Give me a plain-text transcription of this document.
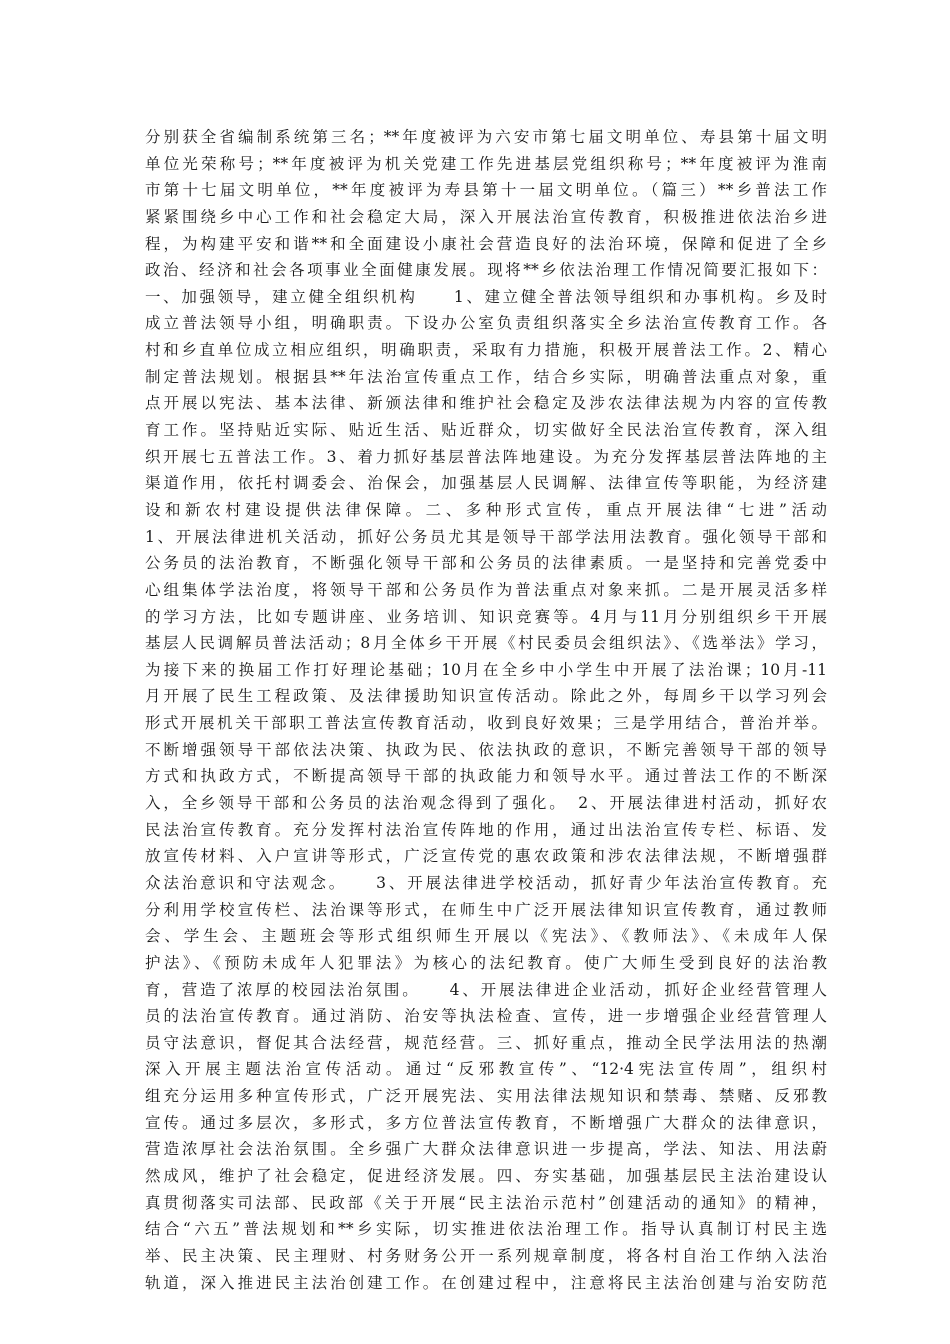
分别获全省编制系统第三名；**年度被评为六安市第七届文明单位、寿县第十届文明
单位光荣称号；**年度被评为机关党建工作先进基层党组织称号；**年度被评为淮南
市第十七届文明单位，**年度被评为寿县第十一届文明单位。（篇三）**乡普法工作
紧紧围绕乡中心工作和社会稳定大局，深入开展法治宣传教育，积极推进依法治乡进
程，为构建平安和谐**和全面建设小康社会营造良好的法治环境，保障和促进了全乡
政治、经济和社会各项事业全面健康发展。现将**乡依法治理工作情况简要汇报如下：
一、加强领导，建立健全组织机构　　1、建立健全普法领导组织和办事机构。乡及时
成立普法领导小组，明确职责。下设办公室负责组织落实全乡法治宣传教育工作。各
村和乡直单位成立相应组织，明确职责，采取有力措施，积极开展普法工作。2、精心
制定普法规划。根据县**年法治宣传重点工作，结合乡实际，明确普法重点对象，重
点开展以宪法、基本法律、新颁法律和维护社会稳定及涉农法律法规为内容的宣传教
育工作。坚持贴近实际、贴近生活、贴近群众，切实做好全民法治宣传教育，深入组
织开展七五普法工作。3、着力抓好基层普法阵地建设。为充分发挥基层普法阵地的主
渠道作用，依托村调委会、治保会，加强基层人民调解、法律宣传等职能，为经济建
设和新农村建设提供法律保障。二、多种形式宣传，重点开展法律“七进”活动
1、开展法律进机关活动，抓好公务员尤其是领导干部学法用法教育。强化领导干部和
公务员的法治教育，不断强化领导干部和公务员的法律素质。一是坚持和完善党委中
心组集体学法治度，将领导干部和公务员作为普法重点对象来抓。二是开展灵活多样
的学习方法，比如专题讲座、业务培训、知识竞赛等。4月与11月分别组织乡干开展
基层人民调解员普法活动；8月全体乡干开展《村民委员会组织法》、《选举法》学习，
为接下来的换届工作打好理论基础；10月在全乡中小学生中开展了法治课；10月-11
月开展了民生工程政策、及法律援助知识宣传活动。除此之外，每周乡干以学习列会
形式开展机关干部职工普法宣传教育活动，收到良好效果；三是学用结合，普治并举。
不断增强领导干部依法决策、执政为民、依法执政的意识，不断完善领导干部的领导
方式和执政方式，不断提高领导干部的执政能力和领导水平。通过普法工作的不断深
入，全乡领导干部和公务员的法治观念得到了强化。　2、开展法律进村活动，抓好农
民法治宣传教育。充分发挥村法治宣传阵地的作用，通过出法治宣传专栏、标语、发
放宣传材料、入户宣讲等形式，广泛宣传党的惠农政策和涉农法律法规，不断增强群
众法治意识和守法观念。　　3、开展法律进学校活动，抓好青少年法治宣传教育。充
分利用学校宣传栏、法治课等形式，在师生中广泛开展法律知识宣传教育，通过教师
会、学生会、主题班会等形式组织师生开展以《宪法》、《教师法》、《未成年人保
护法》、《预防未成年人犯罪法》为核心的法纪教育。使广大师生受到良好的法治教
育，营造了浓厚的校园法治氛围。　　4、开展法律进企业活动，抓好企业经营管理人
员的法治宣传教育。通过消防、治安等执法检查、宣传，进一步增强企业经营管理人
员守法意识，督促其合法经营，规范经营。三、抓好重点，推动全民学法用法的热潮
深入开展主题法治宣传活动。通过“反邪教宣传”、“12·4宪法宣传周”，组织村
组充分运用多种宣传形式，广泛开展宪法、实用法律法规知识和禁毒、禁赌、反邪教
宣传。通过多层次，多形式，多方位普法宣传教育，不断增强广大群众的法律意识，
营造浓厚社会法治氛围。全乡强广大群众法律意识进一步提高，学法、知法、用法蔚
然成风，维护了社会稳定，促进经济发展。四、夯实基础，加强基层民主法治建设认
真贯彻落实司法部、民政部《关于开展“民主法治示范村”创建活动的通知》的精神，
结合“六五”普法规划和**乡实际，切实推进依法治理工作。指导认真制订村民主选
举、民主决策、民主理财、村务财务公开一系列规章制度，将各村自治工作纳入法治
轨道，深入推进民主法治创建工作。在创建过程中，注意将民主法治创建与治安防范
